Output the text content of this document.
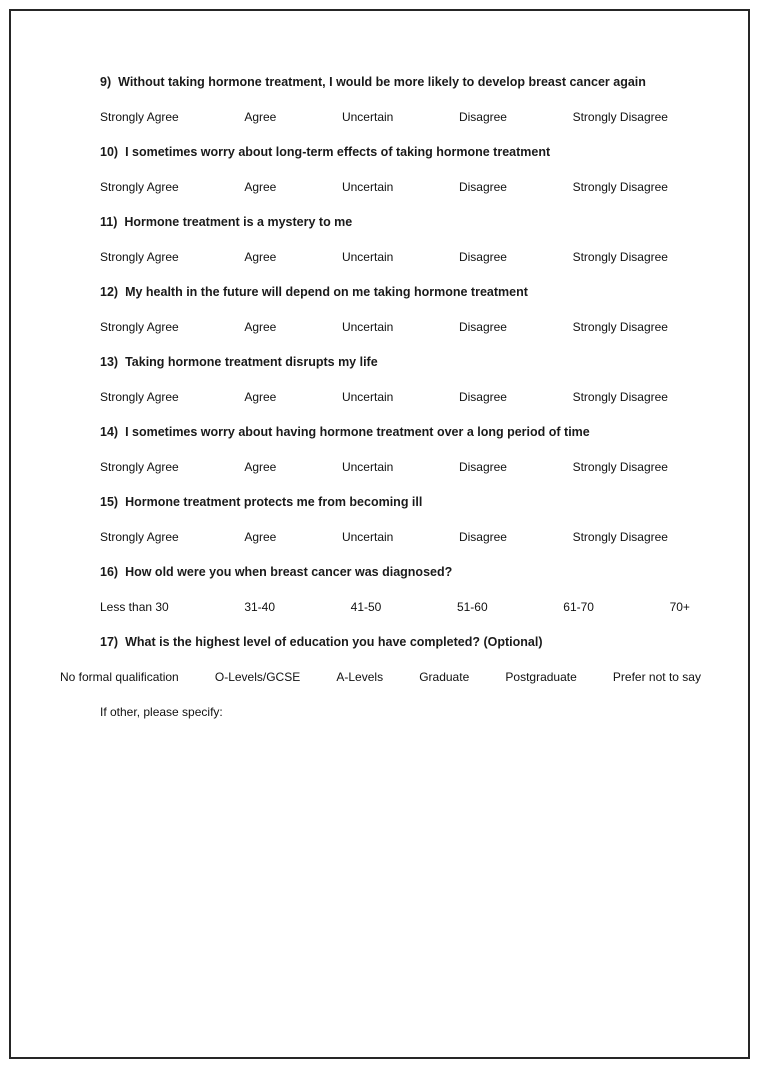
9) Without taking hormone treatment, I would be more likely to develop breast cancer again
Strongly Agree	Agree	Uncertain	Disagree	Strongly Disagree
10) I sometimes worry about long-term effects of taking hormone treatment
Strongly Agree	Agree	Uncertain	Disagree	Strongly Disagree
11) Hormone treatment is a mystery to me
Strongly Agree	Agree	Uncertain	Disagree	Strongly Disagree
12) My health in the future will depend on me taking hormone treatment
Strongly Agree	Agree	Uncertain	Disagree	Strongly Disagree
13) Taking hormone treatment disrupts my life
Strongly Agree	Agree	Uncertain	Disagree	Strongly Disagree
14) I sometimes worry about having hormone treatment over a long period of time
Strongly Agree	Agree	Uncertain	Disagree	Strongly Disagree
15) Hormone treatment protects me from becoming ill
Strongly Agree	Agree	Uncertain	Disagree	Strongly Disagree
16) How old were you when breast cancer was diagnosed?
Less than 30	31-40	41-50	51-60	61-70	70+
17) What is the highest level of education you have completed? (Optional)
No formal qualification	O-Levels/GCSE	A-Levels	Graduate	Postgraduate	Prefer not to say
If other, please specify:
